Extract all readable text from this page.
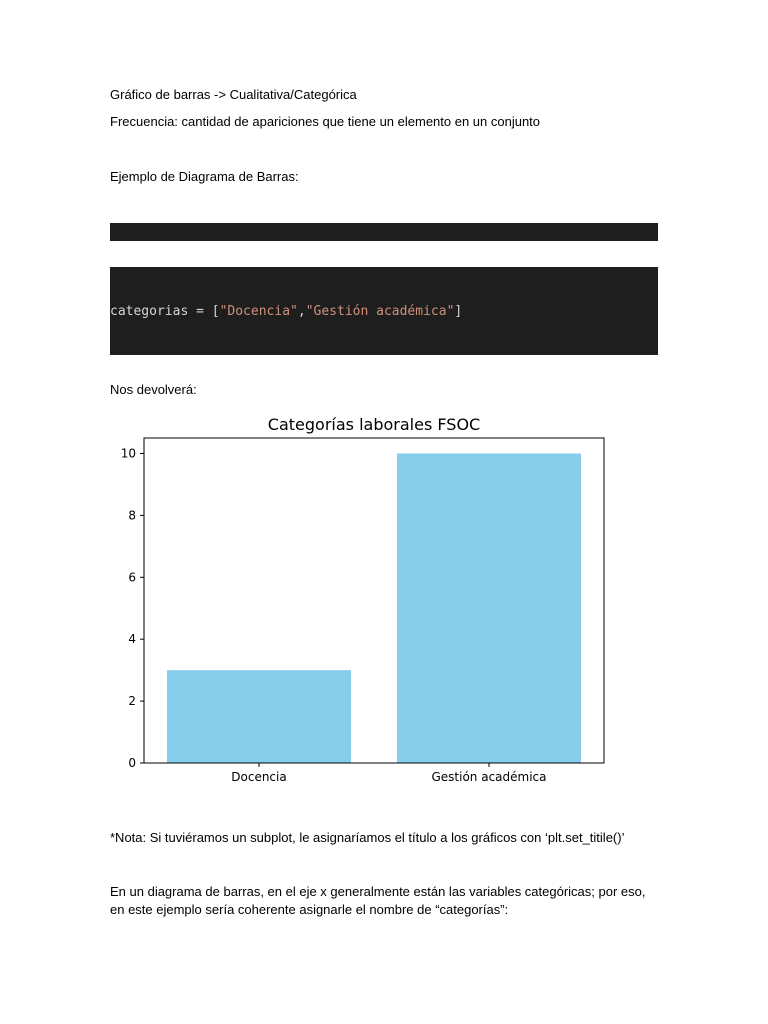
Gráfico de barras -> Cualitativa/Categórica
Frecuencia: cantidad de apariciones que tiene un elemento en un conjunto
Ejemplo de Diagrama de Barras:

categorias = ["Docencia","Gestión académica"]

Nos devolverá:
Categorías laborales FSOC
Docencia	Gestión académica
0
2
4
6
8
10
*Nota: Si tuviéramos un subplot, le asignaríamos el título a los gráficos con ‘plt.set_titile()’
En un diagrama de barras, en el eje x generalmente están las variables categóricas; por eso, en este ejemplo sería coherente asignarle el nombre de “categorías”:
